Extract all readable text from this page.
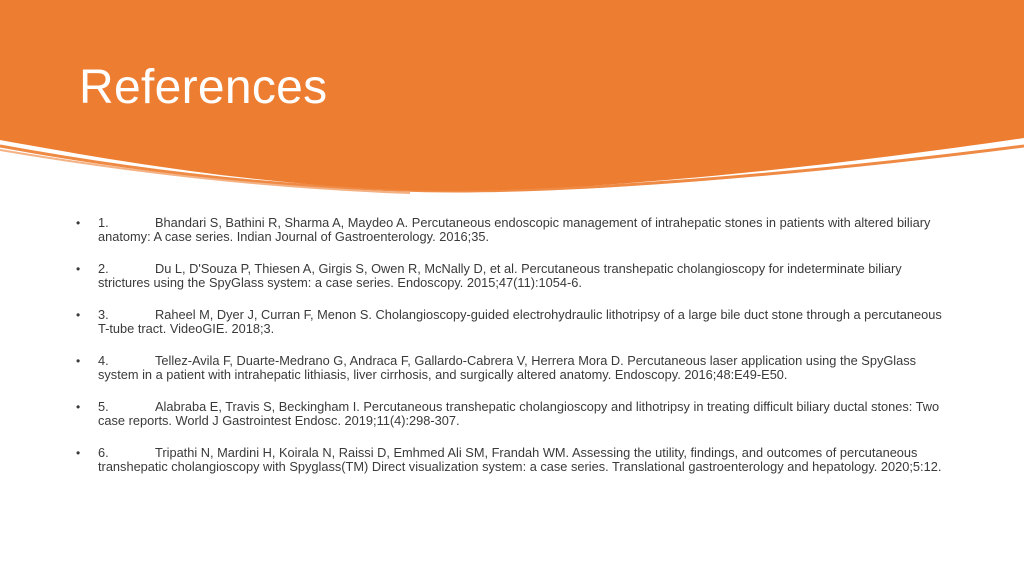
References
•	1.	Bhandari S, Bathini R, Sharma A, Maydeo A. Percutaneous endoscopic management of intrahepatic stones in patients with altered biliary anatomy: A case series. Indian Journal of Gastroenterology. 2016;35.
•	2.	Du L, D'Souza P, Thiesen A, Girgis S, Owen R, McNally D, et al. Percutaneous transhepatic cholangioscopy for indeterminate biliary strictures using the SpyGlass system: a case series. Endoscopy. 2015;47(11):1054-6.
•	3.	Raheel M, Dyer J, Curran F, Menon S. Cholangioscopy-guided electrohydraulic lithotripsy of a large bile duct stone through a percutaneous T-tube tract. VideoGIE. 2018;3.
•	4.	Tellez-Avila F, Duarte-Medrano G, Andraca F, Gallardo-Cabrera V, Herrera Mora D. Percutaneous laser application using the SpyGlass system in a patient with intrahepatic lithiasis, liver cirrhosis, and surgically altered anatomy. Endoscopy. 2016;48:E49-E50.
•	5.	Alabraba E, Travis S, Beckingham I. Percutaneous transhepatic cholangioscopy and lithotripsy in treating difficult biliary ductal stones: Two case reports. World J Gastrointest Endosc. 2019;11(4):298-307.
•	6.	Tripathi N, Mardini H, Koirala N, Raissi D, Emhmed Ali SM, Frandah WM. Assessing the utility, findings, and outcomes of percutaneous transhepatic cholangioscopy with Spyglass(TM) Direct visualization system: a case series. Translational gastroenterology and hepatology. 2020;5:12.
